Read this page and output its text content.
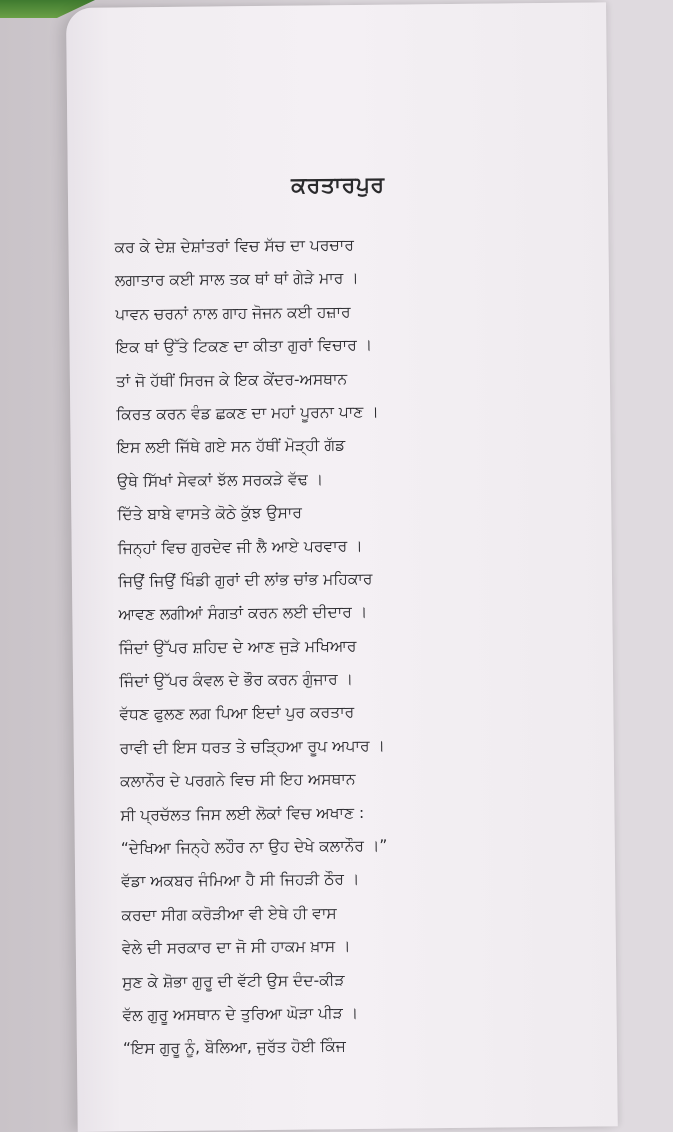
ਕਰਤਾਰਪੁਰ
ਕਰ ਕੇ ਦੇਸ਼ ਦੇਸ਼ਾਂਤਰਾਂ ਵਿਚ ਸੱਚ ਦਾ ਪਰਚਾਰ
ਲਗਾਤਾਰ ਕਈ ਸਾਲ ਤਕ ਥਾਂ ਥਾਂ ਗੇੜੇ ਮਾਰ ।
ਪਾਵਨ ਚਰਨਾਂ ਨਾਲ ਗਾਹ ਜੋਜਨ ਕਈ ਹਜ਼ਾਰ
ਇਕ ਥਾਂ ਉੱਤੇ ਟਿਕਣ ਦਾ ਕੀਤਾ ਗੁਰਾਂ ਵਿਚਾਰ ।
ਤਾਂ ਜੋ ਹੱਥੀਂ ਸਿਰਜ ਕੇ ਇਕ ਕੇਂਦਰ-ਅਸਥਾਨ
ਕਿਰਤ ਕਰਨ ਵੰਡ ਛਕਣ ਦਾ ਮਹਾਂ ਪੂਰਨਾ ਪਾਣ ।
ਇਸ ਲਈ ਜਿੱਥੇ ਗਏ ਸਨ ਹੱਥੀਂ ਮੋੜ੍ਹੀ ਗੱਡ
ਉਥੇ ਸਿੱਖਾਂ ਸੇਵਕਾਂ ਝੱਲ ਸਰਕੜੇ ਵੱਢ ।
ਦਿੱਤੇ ਬਾਬੇ ਵਾਸਤੇ ਕੋਠੇ ਕੁੱਝ ਉਸਾਰ
ਜਿਨ੍ਹਾਂ ਵਿਚ ਗੁਰਦੇਵ ਜੀ ਲੈ ਆਏ ਪਰਵਾਰ ।
ਜਿਉਂ ਜਿਉਂ ਖਿੰਡੀ ਗੁਰਾਂ ਦੀ ਲਾਂਭ ਚਾਂਭ ਮਹਿਕਾਰ
ਆਵਣ ਲਗੀਆਂ ਸੰਗਤਾਂ ਕਰਨ ਲਈ ਦੀਦਾਰ ।
ਜਿੰਦਾਂ ਉੱਪਰ ਸ਼ਹਿਦ ਦੇ ਆਣ ਜੁੜੇ ਮਖਿਆਰ
ਜਿੰਦਾਂ ਉੱਪਰ ਕੰਵਲ ਦੇ ਭੌਰ ਕਰਨ ਗੁੰਜਾਰ ।
ਵੱਧਣ ਫੁਲਣ ਲਗ ਪਿਆ ਇਦਾਂ ਪੁਰ ਕਰਤਾਰ
ਰਾਵੀ ਦੀ ਇਸ ਧਰਤ ਤੇ ਚੜ੍ਹਿਆ ਰੂਪ ਅਪਾਰ ।
ਕਲਾਨੌਰ ਦੇ ਪਰਗਨੇ ਵਿਚ ਸੀ ਇਹ ਅਸਥਾਨ
ਸੀ ਪ੍ਰਚੱਲਤ ਜਿਸ ਲਈ ਲੋਕਾਂ ਵਿਚ ਅਖਾਣ :
“ਦੇਖਿਆ ਜਿਨ੍ਹੇ ਲਹੌਰ ਨਾ ਉਹ ਦੇਖੇ ਕਲਾਨੌਰ ।”
ਵੱਡਾ ਅਕਬਰ ਜੰਮਿਆ ਹੈ ਸੀ ਜਿਹੜੀ ਠੌਰ ।
ਕਰਦਾ ਸੀਗ ਕਰੋੜੀਆ ਵੀ ਏਥੇ ਹੀ ਵਾਸ
ਵੇਲੇ ਦੀ ਸਰਕਾਰ ਦਾ ਜੋ ਸੀ ਹਾਕਮ ਖ਼ਾਸ ।
ਸੁਣ ਕੇ ਸ਼ੋਭਾ ਗੁਰੂ ਦੀ ਵੱਟੀ ਉਸ ਦੰਦ-ਕੀੜ
ਵੱਲ ਗੁਰੂ ਅਸਥਾਨ ਦੇ ਤੁਰਿਆ ਘੋੜਾ ਪੀੜ ।
“ਇਸ ਗੁਰੂ ਨੂੰ, ਬੋਲਿਆ, ਜੁਰੱਤ ਹੋਈ ਕਿੰਜ
